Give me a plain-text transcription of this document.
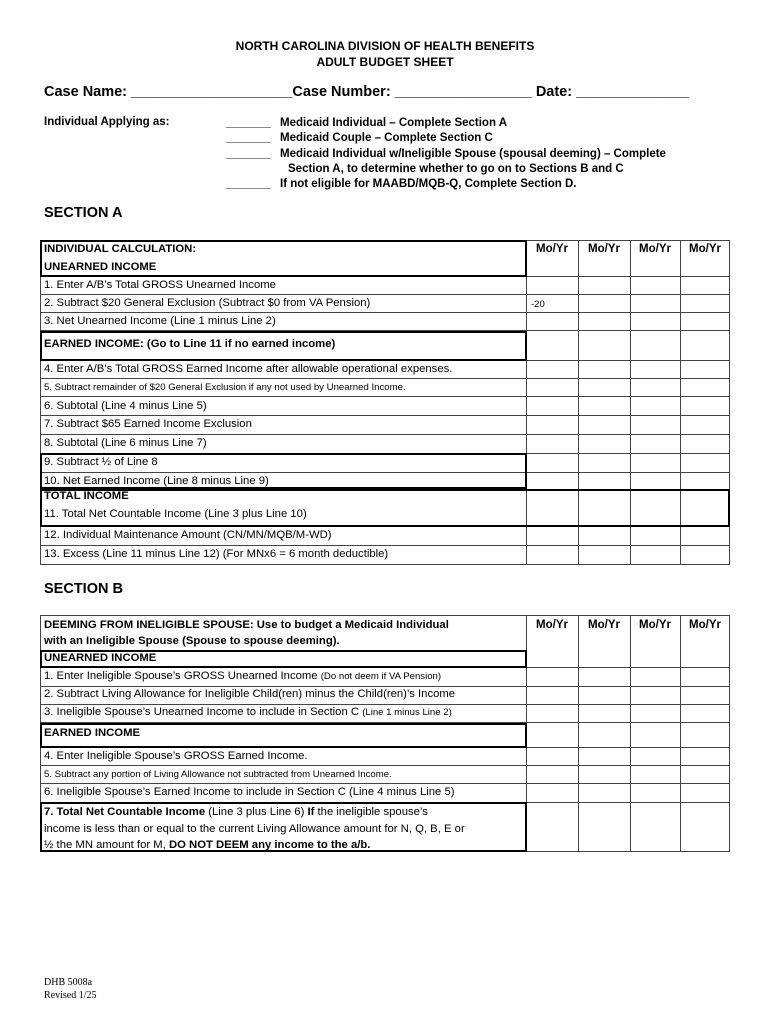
NORTH CAROLINA DIVISION OF HEALTH BENEFITS
ADULT BUDGET SHEET
Case Name: ____________________Case Number: _________________ Date: ______________
Individual Applying as:	_______ Medicaid Individual – Complete Section A
_______ Medicaid Couple – Complete Section C
_______ Medicaid Individual w/Ineligible Spouse (spousal deeming) – Complete
Section A, to determine whether to go on to Sections B and C
_______ If not eligible for MAABD/MQB-Q, Complete Section D.
SECTION A
Mo/Yr	Mo/Yr	Mo/Yr	Mo/Yr
INDIVIDUAL CALCULATION:
UNEARNED INCOME
1. Enter A/B’s Total GROSS Unearned Income
2. Subtract $20 General Exclusion (Subtract $0 from VA Pension)	-20
3. Net Unearned Income (Line 1 minus Line 2)
EARNED INCOME: (Go to Line 11 if no earned income)
4. Enter A/B’s Total GROSS Earned Income after allowable operational expenses.
5. Subtract remainder of $20 General Exclusion if any not used by Unearned Income.
6. Subtotal (Line 4 minus Line 5)
7. Subtract $65 Earned Income Exclusion
8. Subtotal (Line 6 minus Line 7)
9. Subtract ½ of Line 8
10. Net Earned Income (Line 8 minus Line 9)
TOTAL INCOME
11. Total Net Countable Income (Line 3 plus Line 10)
12. Individual Maintenance Amount (CN/MN/MQB/M-WD)
13. Excess (Line 11 minus Line 12) (For MNx6 = 6 month deductible)
SECTION B
Mo/Yr	Mo/Yr	Mo/Yr	Mo/Yr
DEEMING FROM INELIGIBLE SPOUSE: Use to budget a Medicaid Individual
with an Ineligible Spouse (Spouse to spouse deeming).
UNEARNED INCOME
1. Enter Ineligible Spouse’s GROSS Unearned Income (Do not deem if VA Pension)
2. Subtract Living Allowance for Ineligible Child(ren) minus the Child(ren)’s Income
3. Ineligible Spouse’s Unearned Income to include in Section C (Line 1 minus Line 2)
EARNED INCOME
4. Enter Ineligible Spouse’s GROSS Earned Income.
5. Subtract any portion of Living Allowance not subtracted from Unearned Income.
6. Ineligible Spouse’s Earned Income to include in Section C (Line 4 minus Line 5)
7. Total Net Countable Income (Line 3 plus Line 6) If the ineligible spouse’s
income is less than or equal to the current Living Allowance amount for N, Q, B, E or
½ the MN amount for M, DO NOT DEEM any income to the a/b.
DHB 5008a
Revised 1/25
